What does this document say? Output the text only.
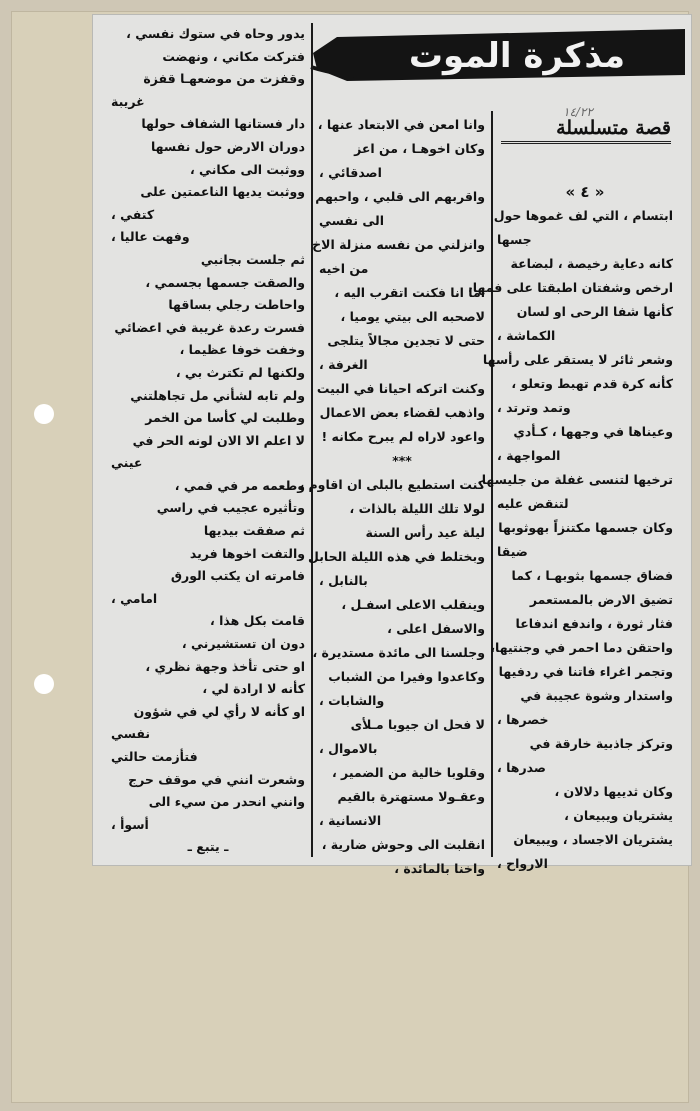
مذكرة الموت
١٤/٢٢
قصة متسلسلة
« ٤ »
ابتسام ، التي لف غموها حول
جسها
كانه دعاية رخيصة ، لبضاعة
ارخص وشفتان اطبقتا على فمها،
كأنها شفا الرحى او لسان
الكماشة ،
وشعر ثائر لا يستقر على رأسها
كأنه كرة قدم تهبط وتعلو ،
وتمد وترتد ،
وعيناها في وجهها ، كـأدي
المواجهة ،
ترخيها لتنسى غفلة من جليسها
لتنقض عليه
وكان جسمها مكتنزاً بهوثوبها
ضيقا
فضاق جسمها بثوبهـا ، كما
تضيق الارض بالمستعمر
فثار ثورة ، واندفع اندفاعا
واحتقن دما احمر في وجنتيها،
وتجمر اغراء فاتنا في ردفيها
واستدار وشوة عجيبة في
خصرها ،
وتركز جاذبية خارقة في
صدرها ،
وكان ثدييها دلالان ،
يشتريان ويبيعان ،
يشتريان الاجساد ، ويبيعان
الارواح ،
وانا امعن في الابتعاد عنها ،
وكان اخوهـا ، من اعز
اصدقائي ،
واقربهم الى قلبي ، واحبهم
الى نفسي
وانزلني من نفسه منزلة الاخ
من اخيه
اما انا فكنت اتقرب اليه ،
لاصحبه الى بيتي يوميا ،
حتى لا تجدين مجالاً يتلجى
الغرفة ،
وكنت اتركه احيانا في البيت
واذهب لقضاء بعض الاعمال
واعود لاراه لم يبرح مكانه !
***
كنت استطيع بالبلى ان اقاوم ،
لولا تلك الليلة بالذات ،
ليلة عيد رأس السنة
وبختلط في هذه الليلة الحابل
بالنابل ،
وينقلب الاعلى اسفـل ،
والاسفل اعلى ،
وجلسنا الى مائدة مستديرة ،
وكاعدوا وفيرا من الشباب
والشابات ،
لا فحل ان جيوبا مـلأى
بالاموال ،
وقلوبا خالية من الضمير ،
وعقـولا مستهترة بالقيم
الانسانية ،
انقلبت الى وحوش ضارية ،
واخنا بالمائدة ،
يدور وحاه في ستوك نفسي ،
فتركت مكاني ، ونهضت
وقفزت من موضعهـا قفزة
غريبة
دار فستانها الشفاف حولها
دوران الارض حول نفسها
ووثبت الى مكاني ،
ووثبت يديها الناعمتين على
كتفي ،
وفهت عاليا ،
ثم جلست بجانبي
والصقت جسمها بجسمي ،
واحاطت رجلي بساقها
فسرت رعدة غريبة في اعضائي
وخفت خوفا عظيما ،
ولكنها لم تكترث بي ،
ولم تابه لشأني مل تجاهلتني
وطلبت لي كأسا من الخمر
لا اعلم الا الان لونه الحر في
عيني
وطعمه مر في فمي ،
وتأثيره عجيب في راسي
ثم صفقت بيديها
والتفت اخوها فريد
فامرته ان يكتب الورق
امامي ،
قامت بكل هذا ،
دون ان تستشيرني ،
او حتى تأخذ وجهة نظري ،
كأنه لا ارادة لي ،
او كأنه لا رأي لي في شؤون
نفسي
فتأزمت حالتي
وشعرت انني في موقف حرج
وانني انحدر من سيء الى
أسوأ ،
ـ يتبع ـ
